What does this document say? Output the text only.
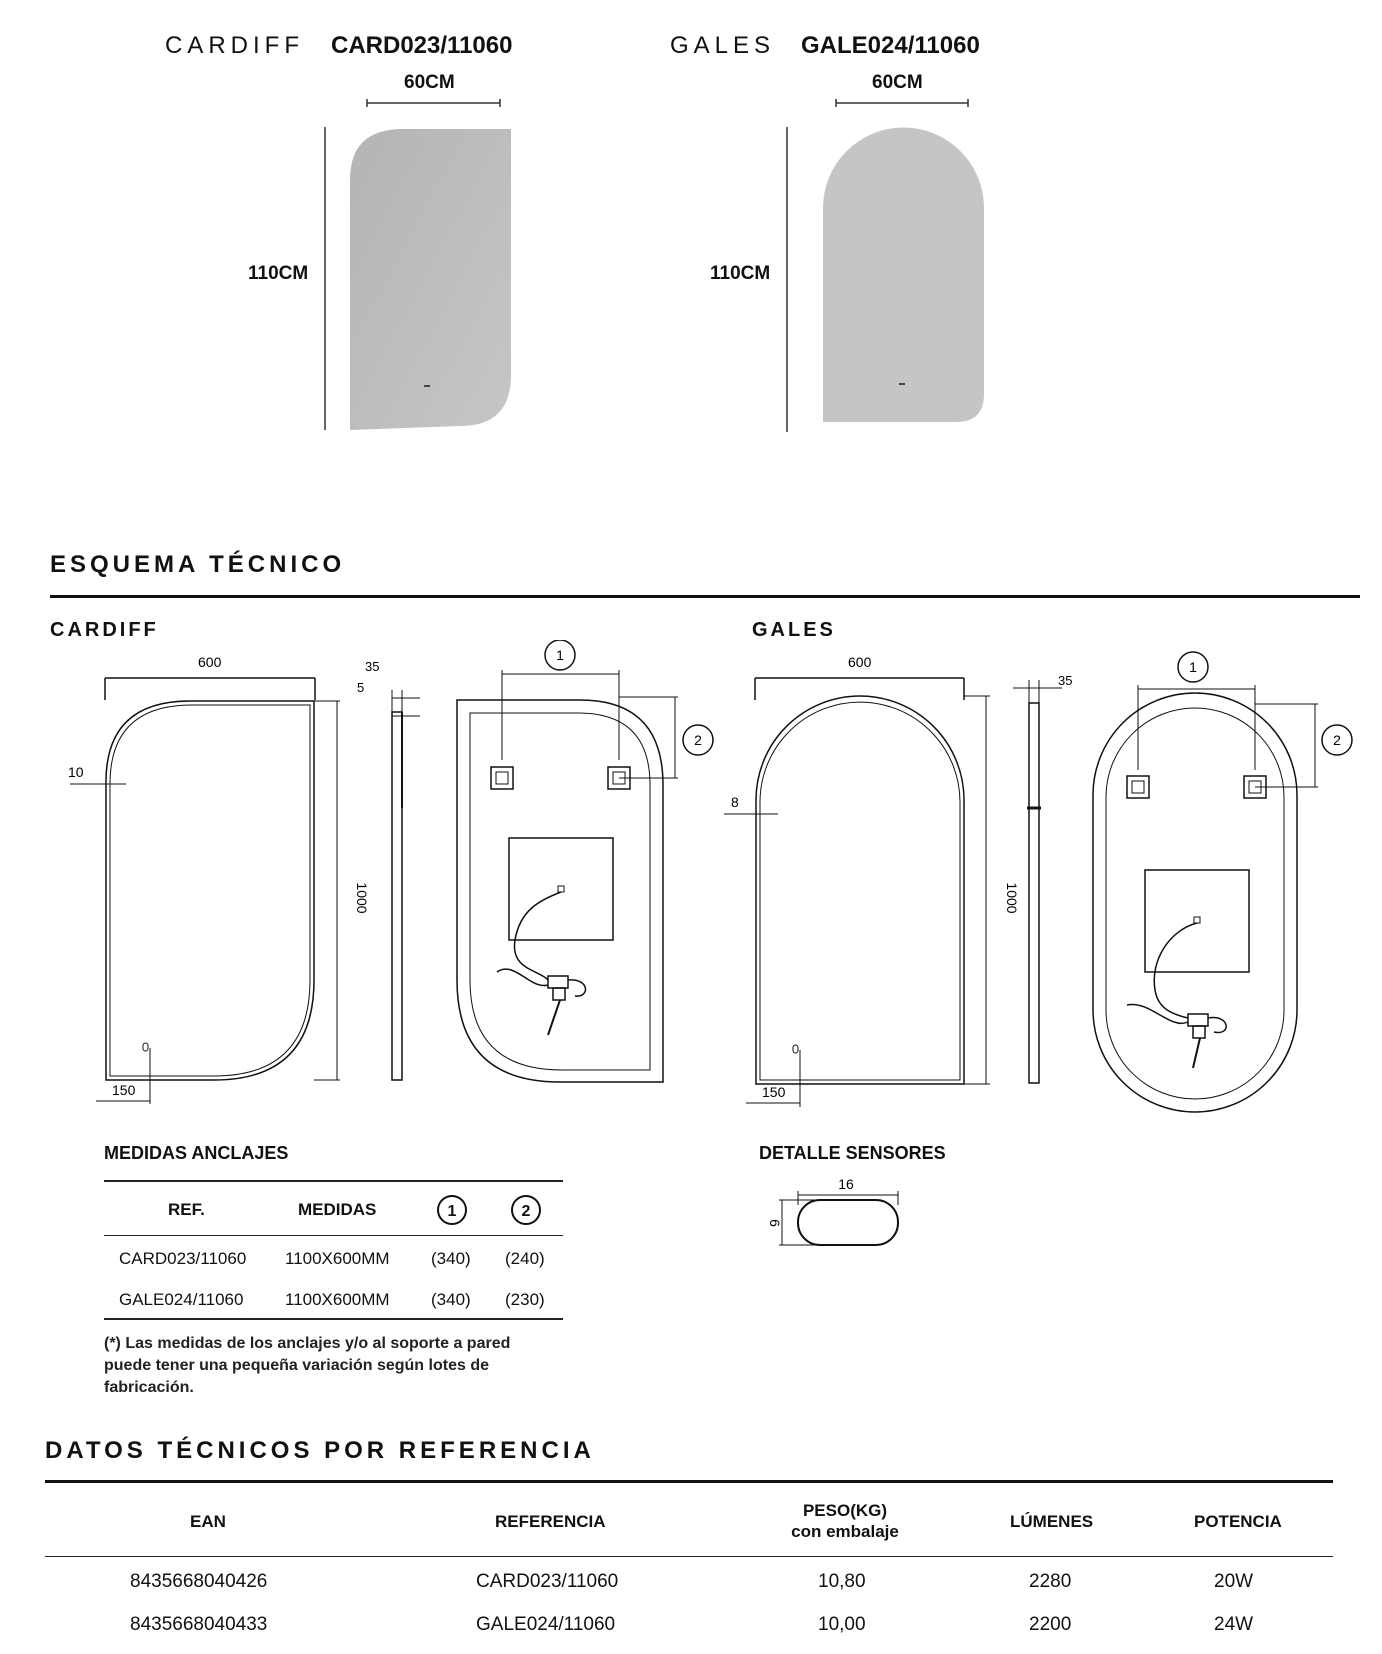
CARDIFF CARD023/11060	GALES GALE024/11060
60CM	60CM
110CM	110CM
ESQUEMA TÉCNICO
CARDIFF	GALES
600
1000
10
150
35
5
600
1000
8
150
35
1
2
1
2
MEDIDAS ANCLAJES
REF.	MEDIDAS	1	2
CARD023/11060 1100X600MM (340) (240)
GALE024/11060 1100X600MM (340) (230)
(*) Las medidas de los anclajes y/o al soporte a pared
puede tener una pequeña variación según lotes de
fabricación.
DETALLE SENSORES
16
6
DATOS TÉCNICOS POR REFERENCIA
EAN	REFERENCIA
PESO(KG)
con embalaje
LÚMENES	POTENCIA
8435668040426	CARD023/11060	10,80	2280	20W
8435668040433	GALE024/11060	10,00	2200	24W
